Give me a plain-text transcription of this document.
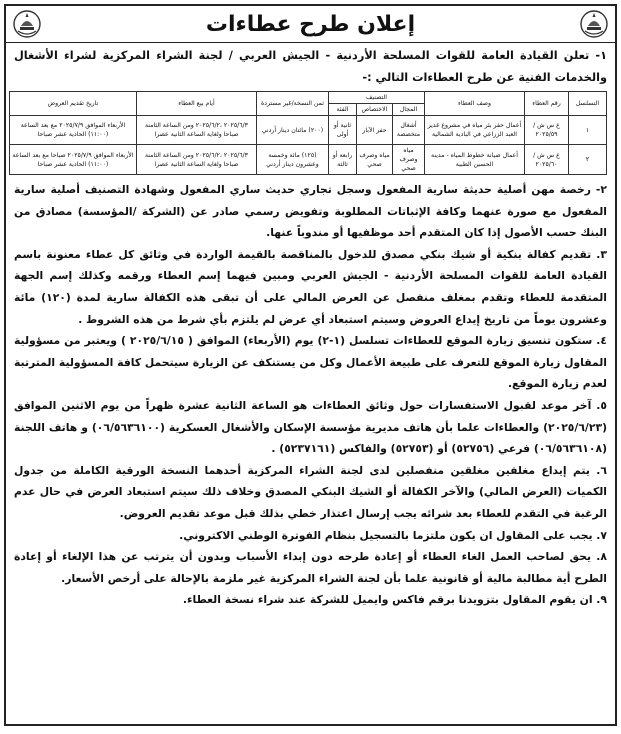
إعلان طرح عطاءات
١- تعلن القيادة العامة للقوات المسلحة الأردنية - الجيش العربي / لجنة الشراء المركزية لشراء الأشغال والخدمات الفنية عن طرح العطاءات التالي :-
التسلسل	رقم العطاء	وصف العطاء	التصنيف			ثمن النسخة/غير مستردة	أيام بيع العطاء	تاريخ تقديم العروض
			المجال	الاختصاص	الفئة			
١	ع س ش / ٢٠٢٥/٥٩	أعمال حفر بئر مياه في مشروع غدير العبد الزراعي في البادية الشمالية	أشغال متخصصة	حفر الآبار	ثانية أو أولى	(٢٠٠) مائتان دينار أردني	٢٠٢٥/٦/٣ ،٢٠٢٥/٦/٢ ومن الساعة الثامنة صباحا ولغاية الساعة الثانية عصرا	الأربعاء الموافق ٢٠٢٥/٧/٩ مع بعد الساعة (١١:٠٠) الحادية عشر صباحا
٢	ع س ش / ٢٠٢٥/٦٠	أعمال صيانة خطوط المياه - مدينة الحسين الطبية	مياه وصرف صحي	مياه وصرف صحي	رابعة أو ثالثة	(١٢٥) مائة وخمسة وعشرون دينار أردني	٢٠٢٥/٦/٣ ،٢٠٢٥/٦/٢ ومن الساعة الثامنة صباحا ولغاية الساعة الثانية عصرا	الأربعاء الموافق ٢٠٢٥/٧/٩ صباحا مع بعد الساعة (١١:٠٠) الحادية عشر صباحا

٢- رخصة مهن أصلية حديثة سارية المفعول وسجل تجاري حديث ساري المفعول وشهادة التصنيف أصلية سارية المفعول مع صورة عنهما وكافة الإثباتات المطلوبة وتفويض رسمي صادر عن (الشركة /المؤسسة) مصادق من البنك حسب الأصول إذا كان المتقدم أحد موظفيها أو مندوباً عنها.

٣. تقديم كفالة بنكية أو شيك بنكي مصدق للدخول بالمناقصة بالقيمة الواردة في وثائق كل عطاء معنونة باسم القيادة العامة للقوات المسلحة الأردنية - الجيش العربي ومبين فيهما إسم العطاء ورقمه وكذلك إسم الجهة المتقدمة للعطاء وتقدم بمغلف منفصل عن العرض المالي على أن تبقى هذه الكفالة سارية لمدة (١٢٠) مائة وعشرون يوماً من تاريخ إيداع العروض وسيتم استبعاد أي عرض لم يلتزم بأي شرط من هذه الشروط .

٤. ستكون تنسيق زيارة الموقع للعطاءات تسلسل (١-٢) يوم (الأربعاء) الموافق ( ٢٠٢٥/٦/١٥ ) ويعتبر من مسؤولية المقاول زيارة الموقع للتعرف على طبيعة الأعمال وكل من يستنكف عن الزيارة سيتحمل كافة المسؤولية المترتبة لعدم زيارة الموقع.

٥. آخر موعد لقبول الاستفسارات حول وثائق العطاءات هو الساعة الثانية عشرة ظهراً من يوم الاثنين الموافق (٢٠٢٥/٦/٢٣) والعطاءات علما بأن هاتف مديرية مؤسسة الإسكان والأشغال العسكرية (٠٦/٥٦٣٦١٠٠) و هاتف اللجنة (٠٦/٥٦٣٦١٠٨) فرعي (٥٢٧٥٦) أو (٥٢٧٥٣) والفاكس (٥٢٣٧١٦١) .

٦. يتم إيداع مغلفين مغلقين منفصلين لدى لجنة الشراء المركزية أحدهما النسخة الورقية الكاملة من جدول الكميات (العرض المالي) والآخر الكفالة أو الشيك البنكي المصدق وخلاف ذلك سيتم استبعاد العرض في حال عدم الرغبة في التقدم للعطاء بعد شرائه يجب إرسال اعتذار خطي بذلك قبل موعد تقديم العروض.

٧. يجب على المقاول ان يكون ملتزما بالتسجيل بنظام الفوترة الوطني الاكتروني.

٨. يحق لصاحب العمل الغاء العطاء أو إعادة طرحه دون إبداء الأسباب وبدون أن يترتب عن هذا الإلغاء أو إعادة الطرح أية مطالبة مالية أو قانونية علما بأن لجنة الشراء المركزية غير ملزمة بالإحالة على أرخص الأسعار.

٩. ان يقوم المقاول بتزويدنا برقم فاكس وايميل للشركة عند شراء نسخة العطاء.
